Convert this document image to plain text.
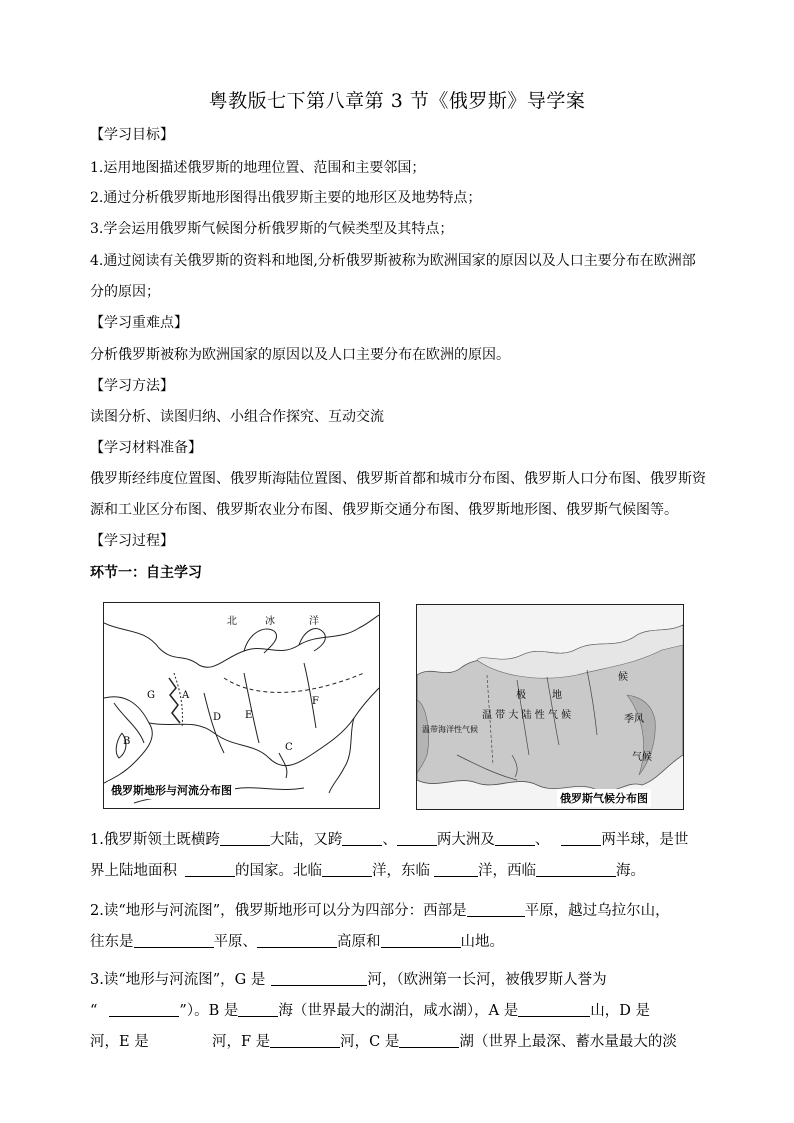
粤教版七下第八章第 3 节《俄罗斯》导学案
【学习目标】
1.运用地图描述俄罗斯的地理位置、范围和主要邻国；
2.通过分析俄罗斯地形图得出俄罗斯主要的地形区及地势特点；
3.学会运用俄罗斯气候图分析俄罗斯的气候类型及其特点；
4.通过阅读有关俄罗斯的资料和地图,分析俄罗斯被称为欧洲国家的原因以及人口主要分布在欧洲部
分的原因；
【学习重难点】
分析俄罗斯被称为欧洲国家的原因以及人口主要分布在欧洲的原因。
【学习方法】
读图分析、读图归纳、小组合作探究、互动交流
【学习材料准备】
俄罗斯经纬度位置图、俄罗斯海陆位置图、俄罗斯首都和城市分布图、俄罗斯人口分布图、俄罗斯资
源和工业区分布图、俄罗斯农业分布图、俄罗斯交通分布图、俄罗斯地形图、俄罗斯气候图等。
【学习过程】
环节一：自主学习
北	冰	洋
G	A
D	E
F
B
C
俄罗斯地形与河流分布图
极	地
候
温 带 大 陆 性 气 候
温带海洋性气候
季风
气候
俄罗斯气候分布图
1.俄罗斯领土既横跨	大陆，又跨	、	两大洲及	、	两半球，是世
界上陆地面积	的国家。北临	洋，东临	洋，西临	海。
2.读“地形与河流图”，俄罗斯地形可以分为四部分：西部是	平原，越过乌拉尔山，
往东是	平原、	高原和	山地。
3.读“地形与河流图”，G 是	河，（欧洲第一长河，被俄罗斯人誉为
“	”）。B 是	海（世界最大的湖泊，咸水湖），A 是	山，D 是
河，E 是	河，F 是	河，C 是	湖（世界上最深、蓄水量最大的淡
